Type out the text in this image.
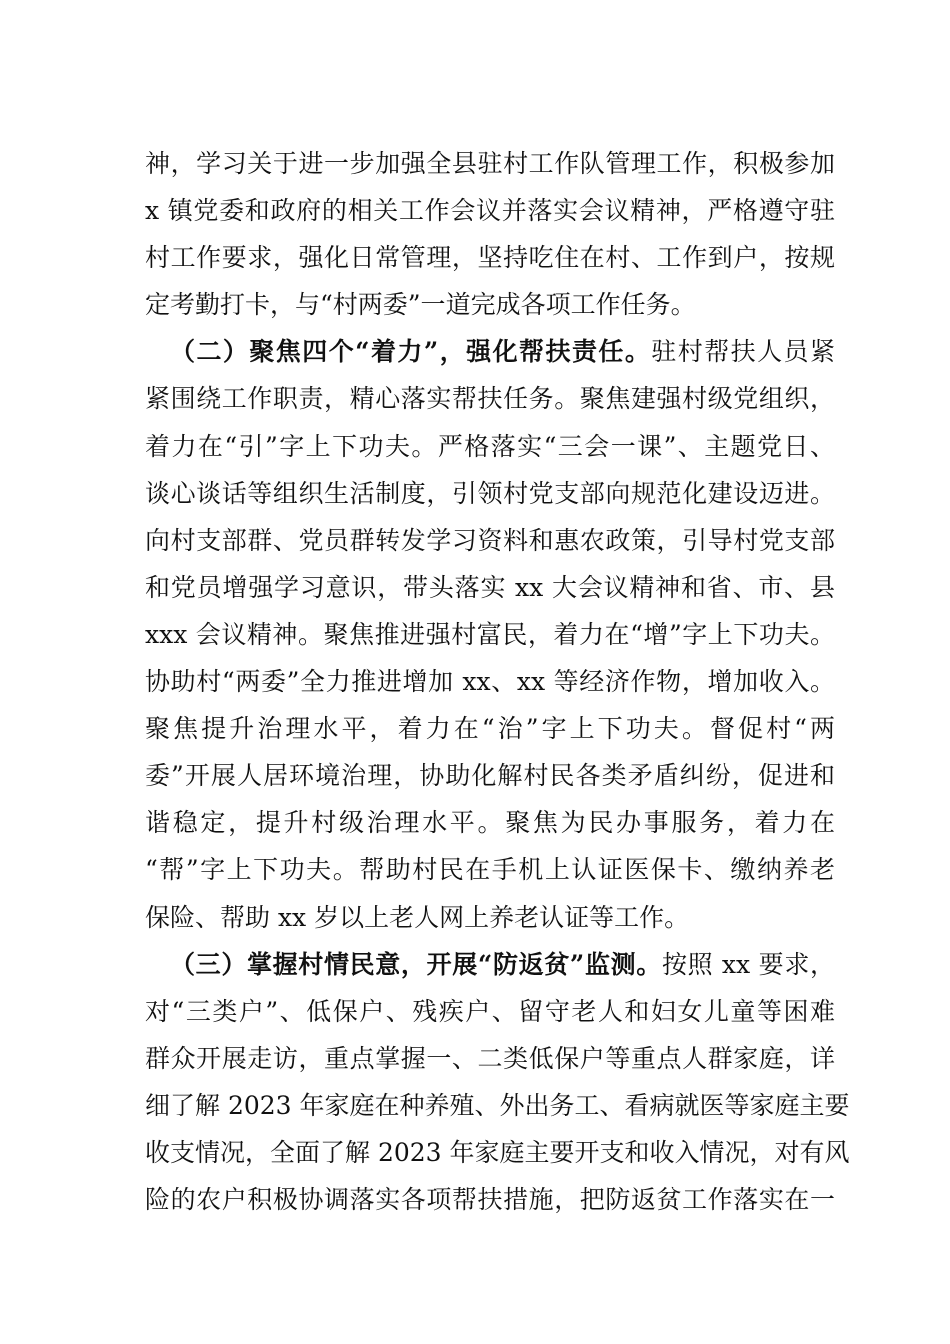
神，学习关于进一步加强全县驻村工作队管理工作，积极参加
x 镇党委和政府的相关工作会议并落实会议精神，严格遵守驻
村工作要求，强化日常管理，坚持吃住在村、工作到户，按规
定考勤打卡，与“村两委”一道完成各项工作任务。
（二）聚焦四个“着力”，强化帮扶责任。驻村帮扶人员紧
紧围绕工作职责，精心落实帮扶任务。聚焦建强村级党组织，
着力在“引”字上下功夫。严格落实“三会一课”、主题党日、
谈心谈话等组织生活制度，引领村党支部向规范化建设迈进。
向村支部群、党员群转发学习资料和惠农政策，引导村党支部
和党员增强学习意识，带头落实 xx 大会议精神和省、市、县
xxx 会议精神。聚焦推进强村富民，着力在“增”字上下功夫。
协助村“两委”全力推进增加 xx、xx 等经济作物，增加收入。
聚焦提升治理水平，着力在“治”字上下功夫。督促村“两
委”开展人居环境治理，协助化解村民各类矛盾纠纷，促进和
谐稳定，提升村级治理水平。聚焦为民办事服务，着力在
“帮”字上下功夫。帮助村民在手机上认证医保卡、缴纳养老
保险、帮助 xx 岁以上老人网上养老认证等工作。
（三）掌握村情民意，开展“防返贫”监测。按照 xx 要求，
对“三类户”、低保户、残疾户、留守老人和妇女儿童等困难
群众开展走访，重点掌握一、二类低保户等重点人群家庭，详
细了解 2023 年家庭在种养殖、外出务工、看病就医等家庭主要
收支情况，全面了解 2023 年家庭主要开支和收入情况，对有风
险的农户积极协调落实各项帮扶措施，把防返贫工作落实在一
